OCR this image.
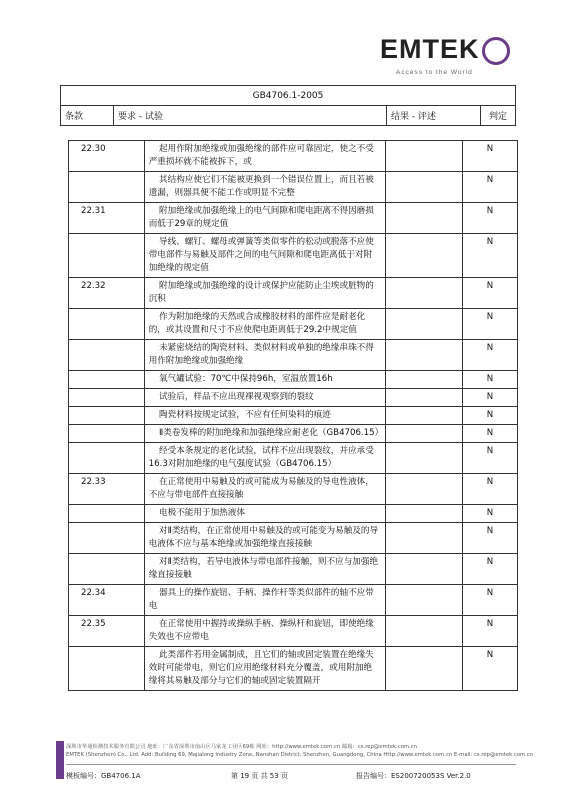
EMTEK
Access to the World
GB4706.1-2005
条款	要求 - 试验	结果 - 评述	判定
22.30	起用作附加绝缘或加强绝缘的部件应可靠固定，使之不受严重损坏就不能被拆下，或		N
	其结构应使它们不能被更换到一个错误位置上，而且若被遗漏，则器具便不能工作或明显不完整		N
22.31	附加绝缘或加强绝缘上的电气间隙和爬电距离不得因磨损而低于29章的规定值		N
	导线、螺钉、螺母或弹簧等类似零件的松动或脱落不应使带电部件与易触及部件之间的电气间隙和爬电距离低于对附加绝缘的规定值		N
22.32	附加绝缘或加强绝缘的设计或保护应能防止尘埃或脏物的沉积		N
	作为附加绝缘的天然或合成橡胶材料的部件应是耐老化的，或其设置和尺寸不应使爬电距离低于29.2中规定值		N
	未紧密烧结的陶瓷材料、类似材料或单独的绝缘串珠不得用作附加绝缘或加强绝缘		N
	氧气罐试验：70℃中保持96h，室温放置16h		N
	试验后，样品不应出现裸视观察到的裂纹		N
	陶瓷材料按规定试验，不应有任何染料的痕迹		N
	Ⅱ类卷发棒的附加绝缘和加强绝缘应耐老化（GB4706.15）		N
	经受本条规定的老化试验，试样不应出现裂纹，并应承受16.3对附加绝缘的电气强度试验（GB4706.15）		N
22.33	在正常使用中易触及的或可能成为易触及的导电性液体，不应与带电部件直接接触		N
	电极不能用于加热液体		N
	对Ⅱ类结构，在正常使用中易触及的或可能变为易触及的导电液体不应与基本绝缘或加强绝缘直接接触		N
	对Ⅱ类结构，若导电液体与带电部件接触，则不应与加强绝缘直接接触		N
22.34	器具上的操作旋钮、手柄、操作杆等类似部件的轴不应带电		N
22.35	在正常使用中握持或操纵手柄、操纵杆和旋钮，即使绝缘失效也不应带电		N
	此类部件若用金属制成，且它们的轴或固定装置在绝缘失效时可能带电，则它们应用绝缘材料充分覆盖，或用附加绝缘将其易触及部分与它们的轴或固定装置隔开		N
深圳市华通检测技术服务有限公司 地址：广东省深圳市南山区马家龙工业区69栋 网址：http://www.emtek.com.cn 邮箱：cs.rep@emtek.com.cn
EMTEK (Shenzhen) Co., Ltd. Add: Building 69, Majialong Industry Zone, Nanshan District, Shenzhen, Guangdong, China Http://www.emtek.com.cn E-mail: cs.rep@emtek.com.cn
模板编号：GB4706.1A	第 19 页 共 53 页	报告编号：ES200720053S Ver.2.0
